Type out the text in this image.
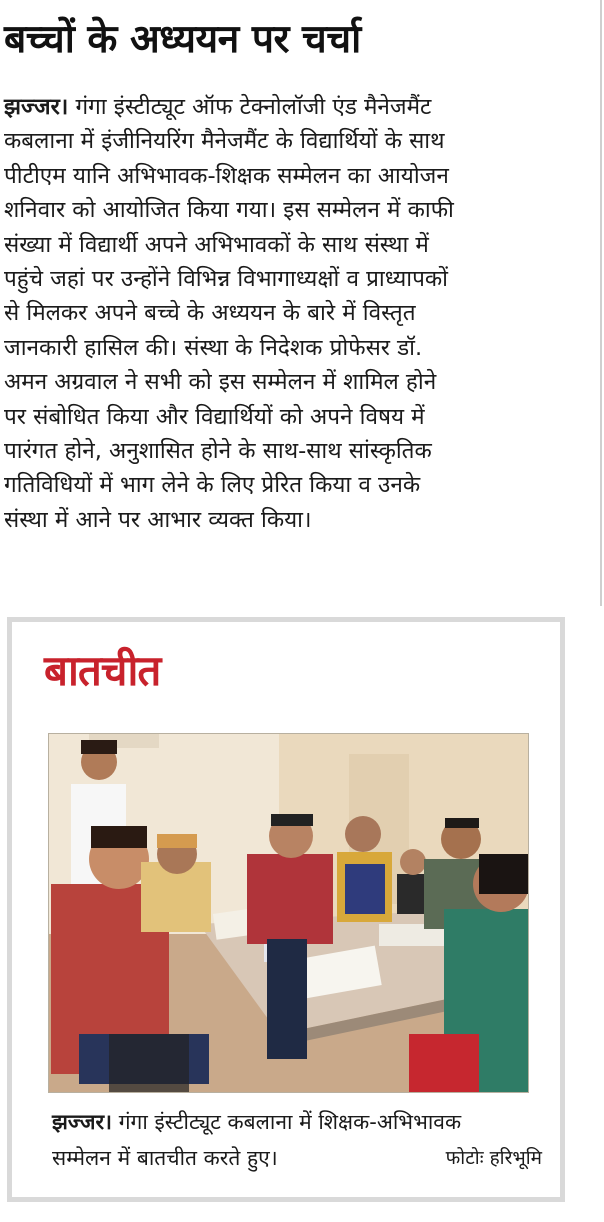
बच्चों के अध्ययन पर चर्चा
झज्जर। गंगा इंस्टीट्यूट ऑफ टेक्नोलॉजी एंड मैनेजमैंट
कबलाना में इंजीनियरिंग मैनेजमैंट के विद्यार्थियों के साथ
पीटीएम यानि अभिभावक-शिक्षक सम्मेलन का आयोजन
शनिवार को आयोजित किया गया। इस सम्मेलन में काफी
संख्या में विद्यार्थी अपने अभिभावकों के साथ संस्था में
पहुंचे जहां पर उन्होंने विभिन्न विभागाध्यक्षों व प्राध्यापकों
से मिलकर अपने बच्चे के अध्ययन के बारे में विस्तृत
जानकारी हासिल की। संस्था के निदेशक प्रोफेसर डॉ.
अमन अग्रवाल ने सभी को इस सम्मेलन में शामिल होने
पर संबोधित किया और विद्यार्थियों को अपने विषय में
पारंगत होने, अनुशासित होने के साथ-साथ सांस्कृतिक
गतिविधियों में भाग लेने के लिए प्रेरित किया व उनके
संस्था में आने पर आभार व्यक्त किया।
बातचीत
झज्जर। गंगा इंस्टीट्यूट कबलाना में शिक्षक-अभिभावक
सम्मेलन में बातचीत करते हुए।	फोटोः हरिभूमि
